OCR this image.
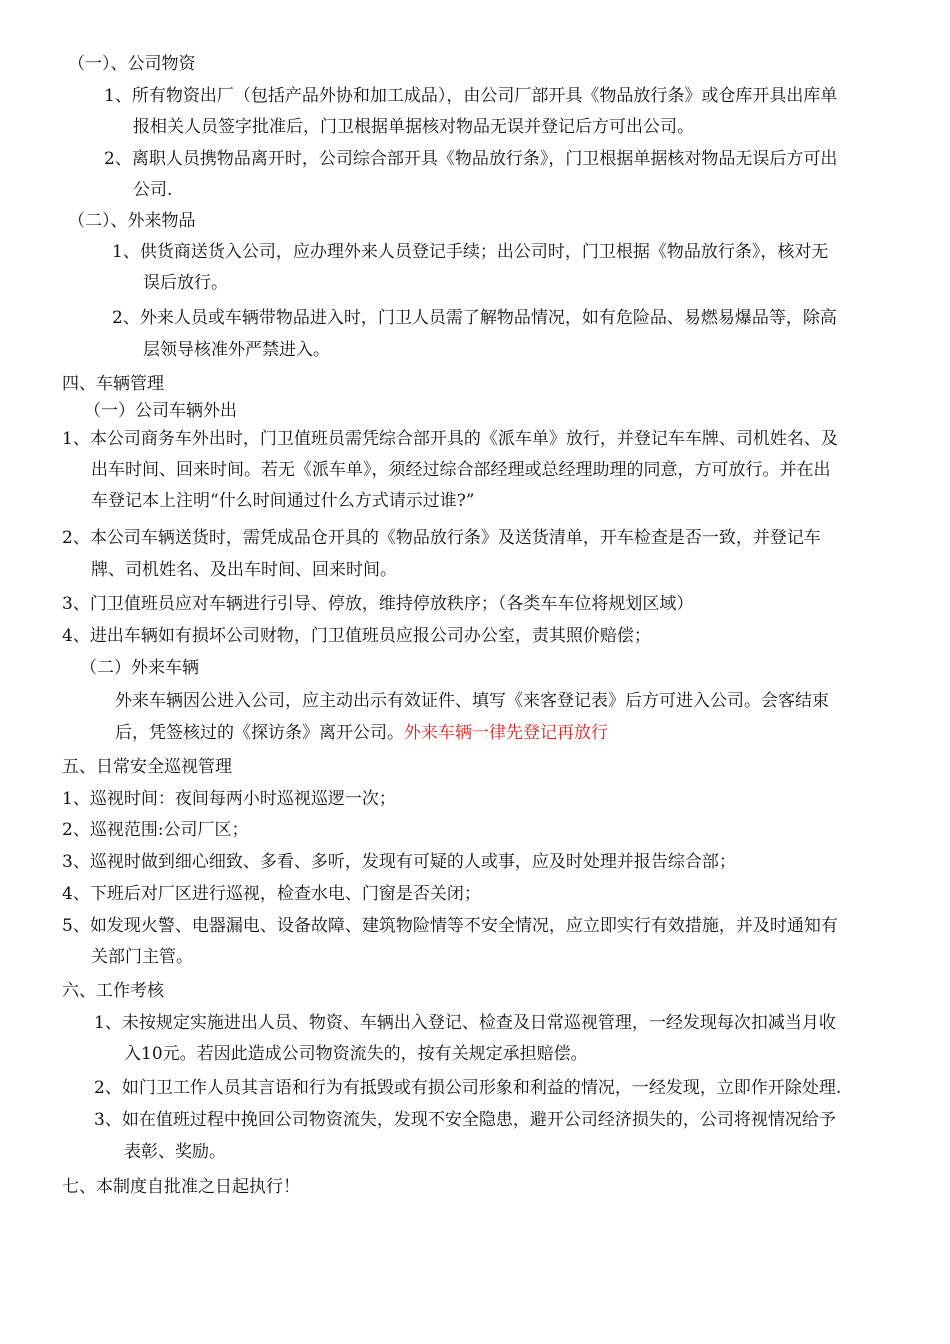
（一）、公司物资
1、所有物资出厂（包括产品外协和加工成品），由公司厂部开具《物品放行条》或仓库开具出库单
报相关人员签字批准后，门卫根据单据核对物品无误并登记后方可出公司。
2、离职人员携物品离开时，公司综合部开具《物品放行条》，门卫根据单据核对物品无误后方可出
公司.
（二）、外来物品
1、供货商送货入公司，应办理外来人员登记手续；出公司时，门卫根据《物品放行条》，核对无
误后放行。
2、外来人员或车辆带物品进入时，门卫人员需了解物品情况，如有危险品、易燃易爆品等，除高
层领导核准外严禁进入。
四、车辆管理
（一）公司车辆外出
1、本公司商务车外出时，门卫值班员需凭综合部开具的《派车单》放行，并登记车车牌、司机姓名、及
出车时间、回来时间。若无《派车单》，须经过综合部经理或总经理助理的同意，方可放行。并在出
车登记本上注明“什么时间通过什么方式请示过谁?”
2、本公司车辆送货时，需凭成品仓开具的《物品放行条》及送货清单，开车检查是否一致，并登记车
牌、司机姓名、及出车时间、回来时间。
3、门卫值班员应对车辆进行引导、停放，维持停放秩序；（各类车车位将规划区域）
4、进出车辆如有损坏公司财物，门卫值班员应报公司办公室，责其照价赔偿；
（二）外来车辆
外来车辆因公进入公司，应主动出示有效证件、填写《来客登记表》后方可进入公司。会客结束
后，凭签核过的《探访条》离开公司。外来车辆一律先登记再放行
五、日常安全巡视管理
1、巡视时间：夜间每两小时巡视巡逻一次；
2、巡视范围:公司厂区；
3、巡视时做到细心细致、多看、多听，发现有可疑的人或事，应及时处理并报告综合部；
4、下班后对厂区进行巡视，检查水电、门窗是否关闭；
5、如发现火警、电器漏电、设备故障、建筑物险情等不安全情况，应立即实行有效措施，并及时通知有
关部门主管。
六、工作考核
1、未按规定实施进出人员、物资、车辆出入登记、检查及日常巡视管理，一经发现每次扣减当月收
入10元。若因此造成公司物资流失的，按有关规定承担赔偿。
2、如门卫工作人员其言语和行为有抵毁或有损公司形象和利益的情况，一经发现，立即作开除处理.
3、如在值班过程中挽回公司物资流失，发现不安全隐患，避开公司经济损失的，公司将视情况给予
表彰、奖励。
七、本制度自批准之日起执行！
